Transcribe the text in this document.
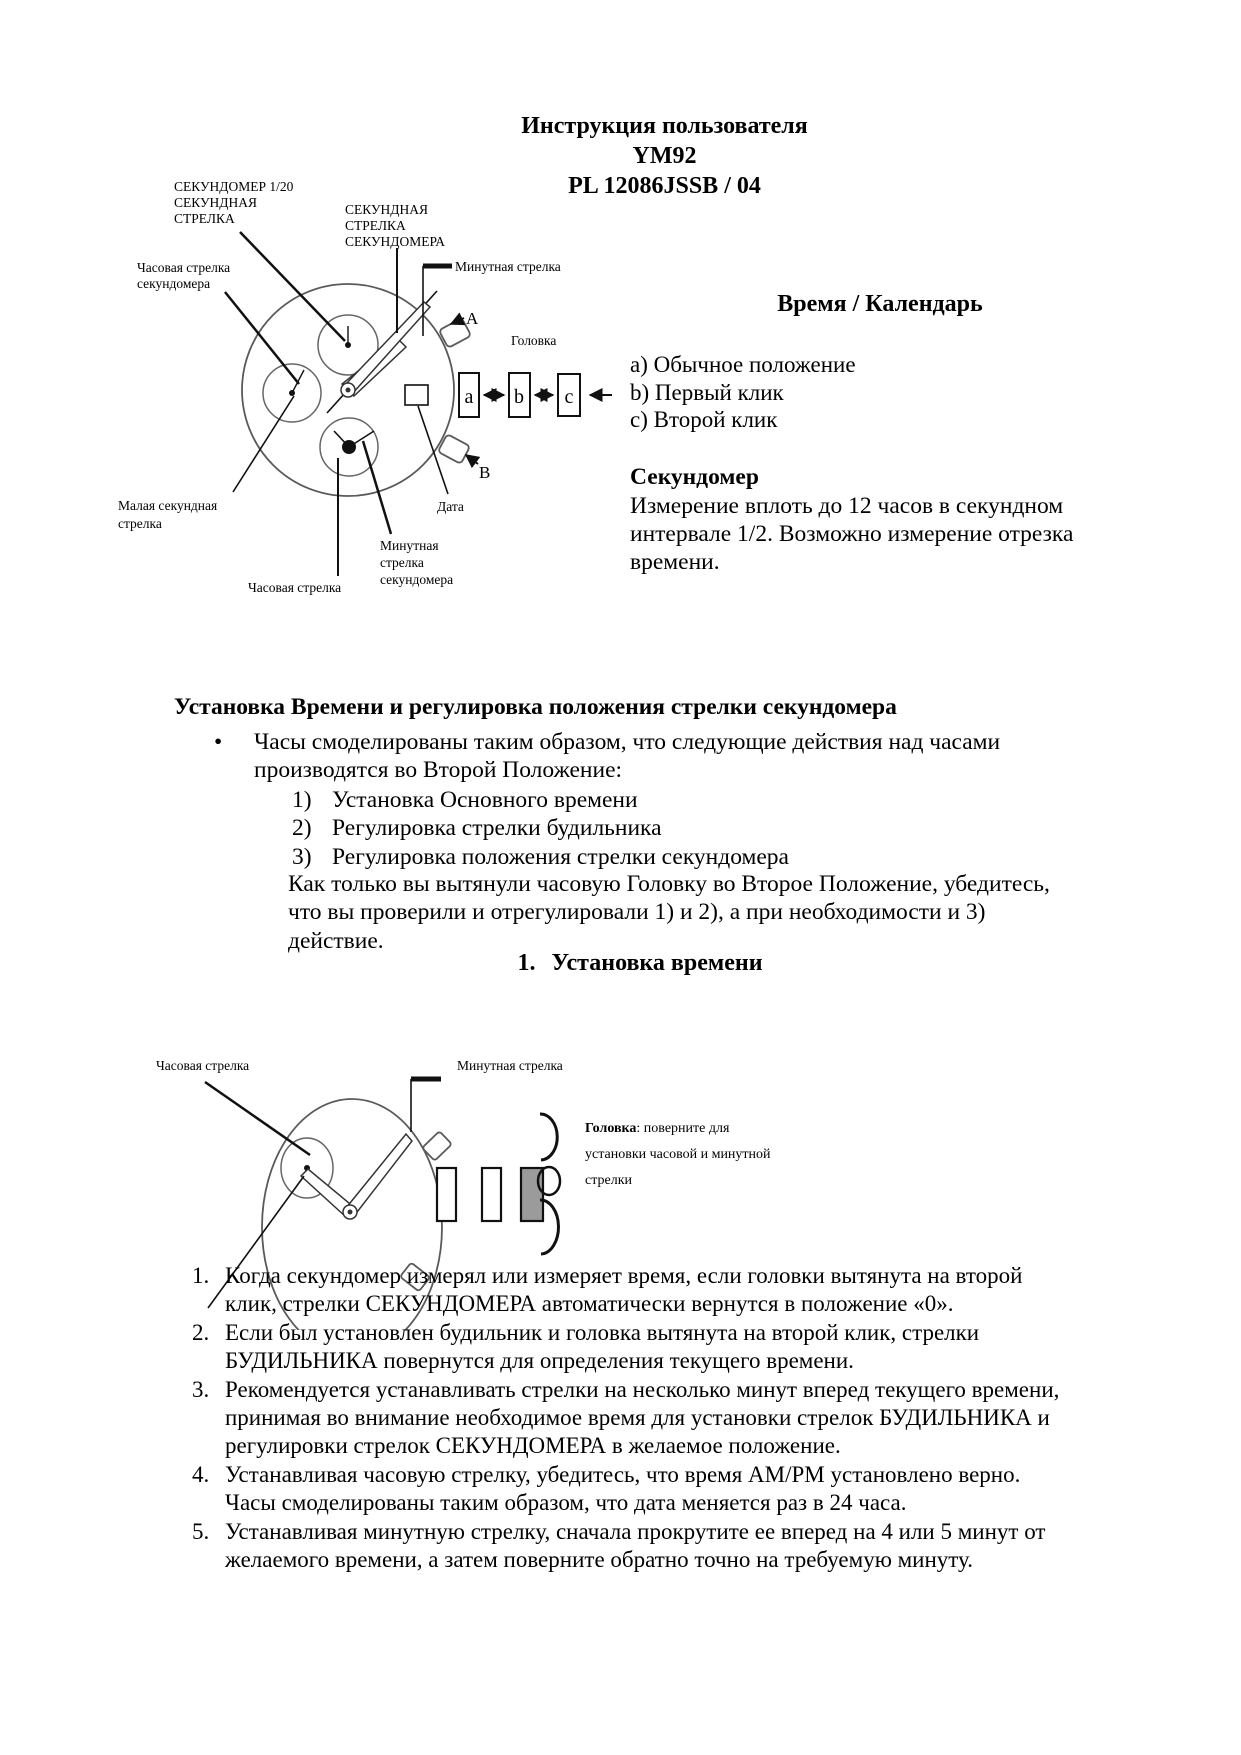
Инструкция пользователя
YM92
PL 12086JSSB / 04
a b c
СЕКУНДОМЕР 1/20
СЕКУНДНАЯ
СТРЕЛКА
СЕКУНДНАЯ
СТРЕЛКА
СЕКУНДОМЕРА
Часовая стрелка
секундомера
Минутная стрелка
A
Головка
B
Дата
Малая секундная
стрелка
Минутная
стрелка
секундомера
Часовая стрелка
Время / Календарь
a) Обычное положение
b) Первый клик
c) Второй клик
Секундомер
Измерение вплоть до 12 часов в секундном интервале 1/2. Возможно измерение отрезка времени.
Установка Времени и регулировка положения стрелки секундомера
•	Часы смоделированы таким образом, что следующие действия над часами производятся во Второй Положение:
1) Установка Основного времени
2) Регулировка стрелки будильника
3) Регулировка положения стрелки секундомера
Как только вы вытянули часовую Головку во Второе Положение, убедитесь, что вы проверили и отрегулировали 1) и 2), а при необходимости и 3) действие.
1. Установка времени
Часовая стрелка	Минутная стрелка
Головка: поверните для
установки часовой и минутной
стрелки
1. Когда секундомер измерял или измеряет время, если головки вытянута на второй клик, стрелки СЕКУНДОМЕРА автоматически вернутся в положение «0».
2. Если был установлен будильник и головка вытянута на второй клик, стрелки БУДИЛЬНИКА повернутся для определения текущего времени.
3. Рекомендуется устанавливать стрелки на несколько минут вперед текущего времени, принимая во внимание необходимое время для установки стрелок БУДИЛЬНИКА и регулировки стрелок СЕКУНДОМЕРА в желаемое положение.
4. Устанавливая часовую стрелку, убедитесь, что время AM/PM установлено верно. Часы смоделированы таким образом, что дата меняется раз в 24 часа.
5. Устанавливая минутную стрелку, сначала прокрутите ее вперед на 4 или 5 минут от желаемого времени, а затем поверните обратно точно на требуемую минуту.
